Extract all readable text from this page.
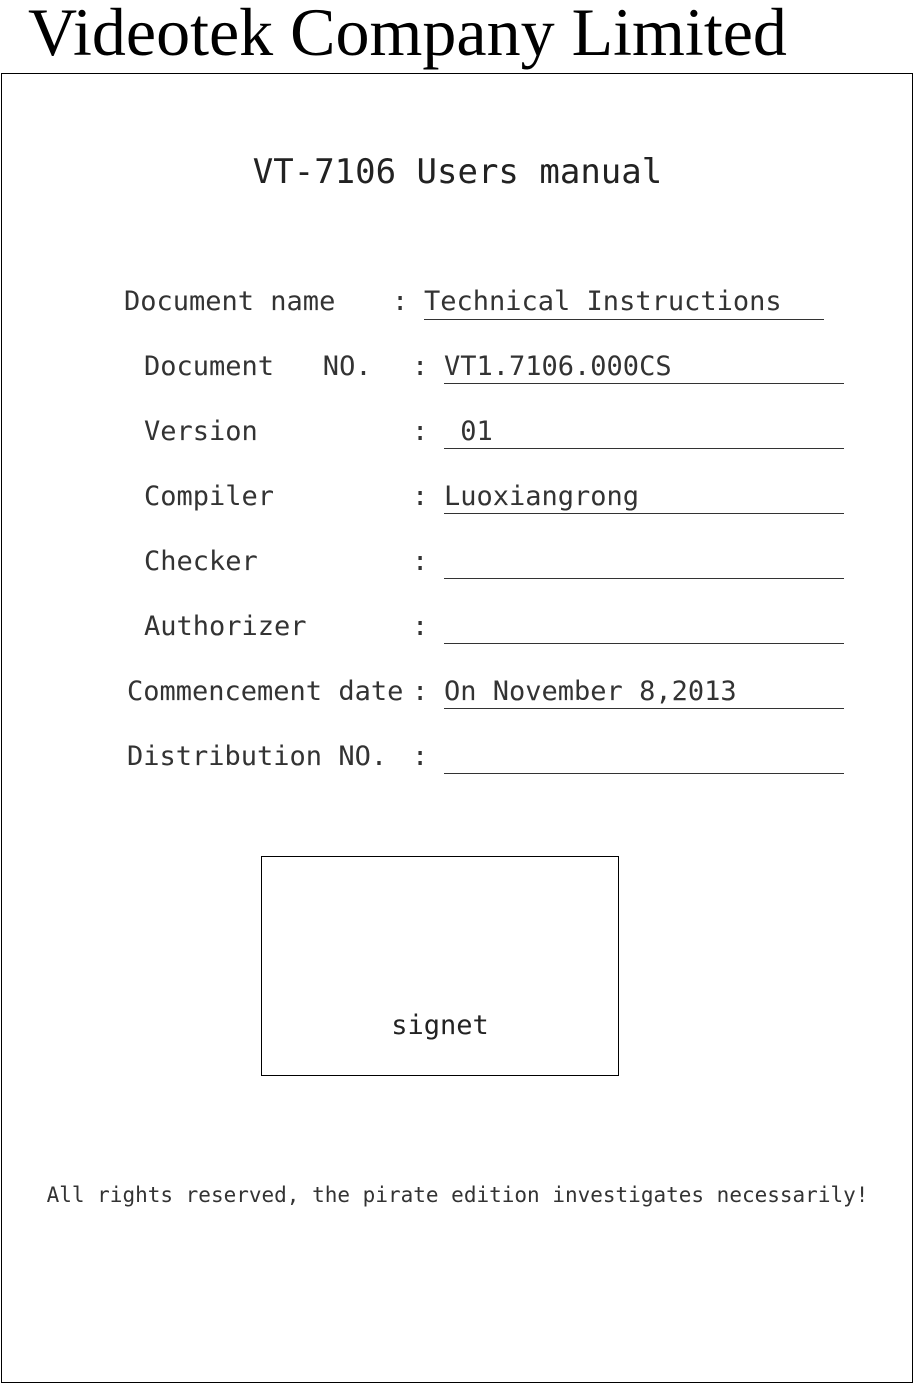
Videotek Company Limited
VT-7106 Users manual
Document name : Technical Instructions
Document   NO. : VT1.7106.000CS
Version	: 01
Compiler	: Luoxiangrong
Checker	:
Authorizer	:
Commencement date : On November 8,2013
Distribution NO. :
signet
All rights reserved, the pirate edition investigates necessarily!
